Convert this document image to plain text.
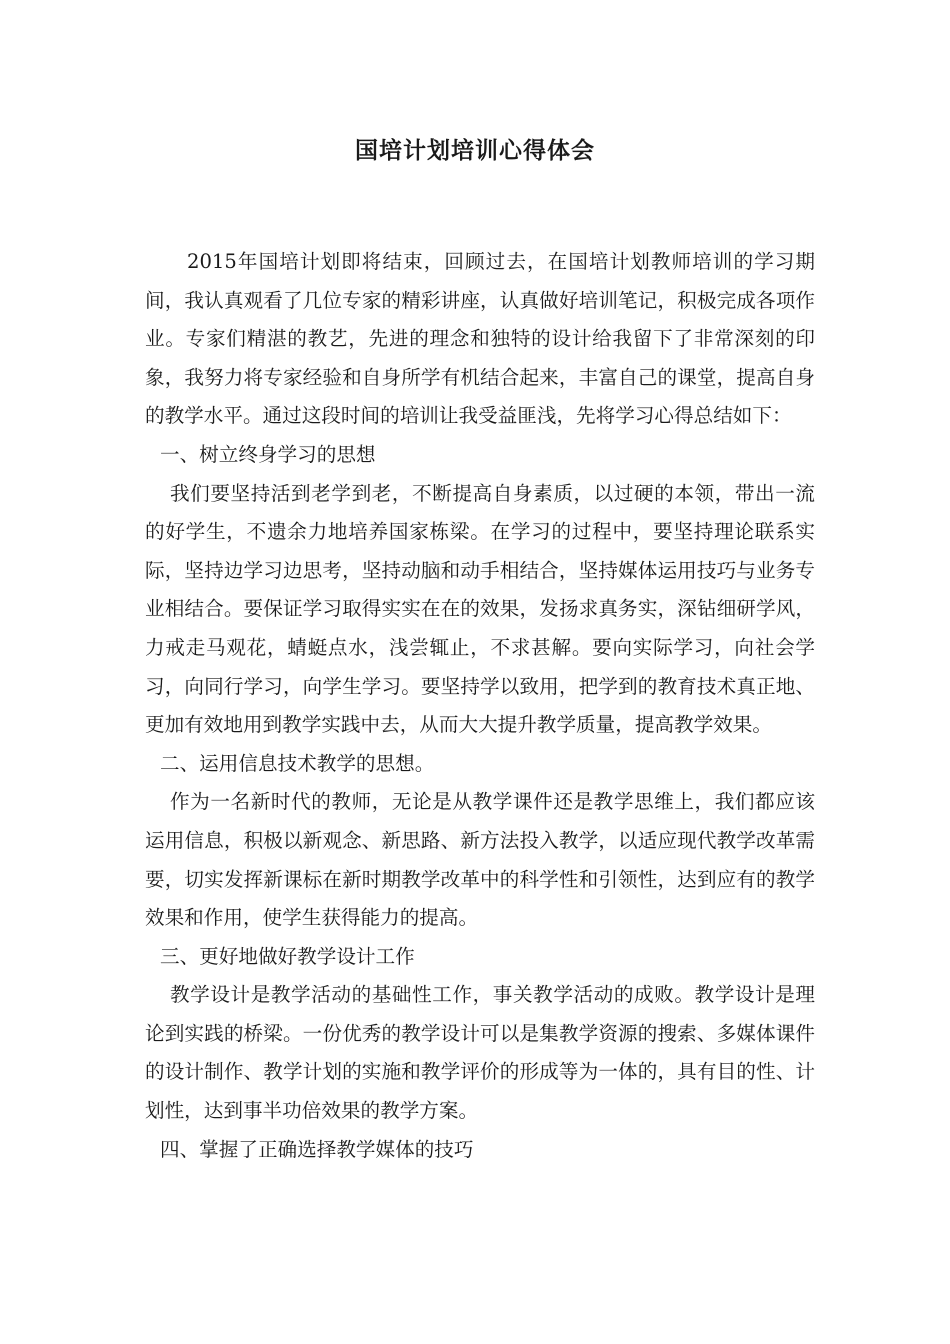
国培计划培训心得体会

2015年国培计划即将结束，回顾过去，在国培计划教师培训的学习期间，我认真观看了几位专家的精彩讲座，认真做好培训笔记，积极完成各项作业。专家们精湛的教艺，先进的理念和独特的设计给我留下了非常深刻的印象，我努力将专家经验和自身所学有机结合起来，丰富自己的课堂，提高自身的教学水平。通过这段时间的培训让我受益匪浅，先将学习心得总结如下：

一、树立终身学习的思想

我们要坚持活到老学到老，不断提高自身素质，以过硬的本领，带出一流的好学生，不遗余力地培养国家栋梁。在学习的过程中，要坚持理论联系实际，坚持边学习边思考，坚持动脑和动手相结合，坚持媒体运用技巧与业务专业相结合。要保证学习取得实实在在的效果，发扬求真务实，深钻细研学风，力戒走马观花，蜻蜓点水，浅尝辄止，不求甚解。要向实际学习，向社会学习，向同行学习，向学生学习。要坚持学以致用，把学到的教育技术真正地、更加有效地用到教学实践中去，从而大大提升教学质量，提高教学效果。

二、运用信息技术教学的思想。

作为一名新时代的教师，无论是从教学课件还是教学思维上，我们都应该运用信息，积极以新观念、新思路、新方法投入教学，以适应现代教学改革需要，切实发挥新课标在新时期教学改革中的科学性和引领性，达到应有的教学效果和作用，使学生获得能力的提高。

三、更好地做好教学设计工作

教学设计是教学活动的基础性工作，事关教学活动的成败。教学设计是理论到实践的桥梁。一份优秀的教学设计可以是集教学资源的搜索、多媒体课件的设计制作、教学计划的实施和教学评价的形成等为一体的，具有目的性、计划性，达到事半功倍效果的教学方案。

四、掌握了正确选择教学媒体的技巧
